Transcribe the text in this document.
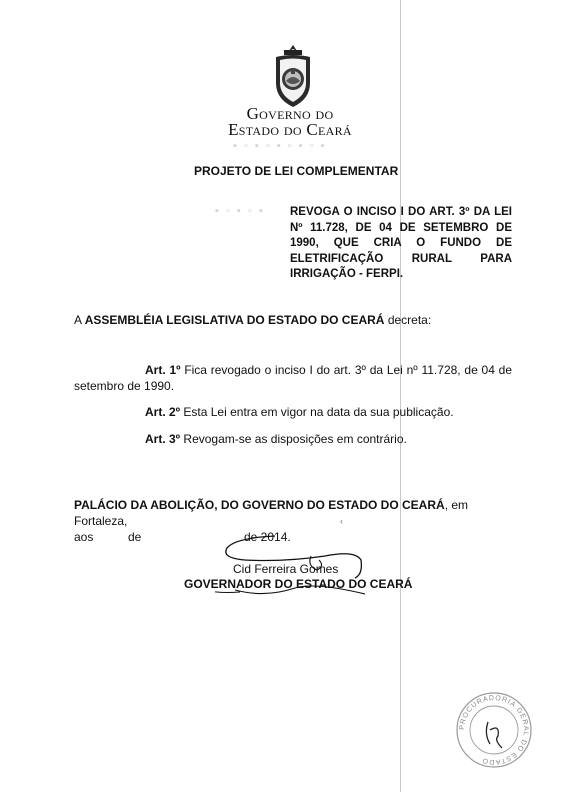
Governo do
Estado do Ceará
▪ ▫ ▪ ▫ ▪ ▫ ▪ ▫ ▪
▪ ▫ ▪ ▫ ▪
PROJETO DE LEI COMPLEMENTAR
REVOGA O INCISO I DO ART. 3º DA LEI Nº 11.728, DE 04 DE SETEMBRO DE 1990, QUE CRIA O FUNDO DE ELETRIFICAÇÃO RURAL PARA IRRIGAÇÃO - FERPI.
A ASSEMBLÉIA LEGISLATIVA DO ESTADO DO CEARÁ decreta:
Art. 1º Fica revogado o inciso I do art. 3º da Lei nº 11.728, de 04 de setembro de 1990.
Art. 2º Esta Lei entra em vigor na data da sua publicação.
Art. 3º Revogam-se as disposições em contrário.
PALÁCIO DA ABOLIÇÃO, DO GOVERNO DO ESTADO DO CEARÁ, em Fortaleza,
aos	de	de 2014.
‹
Cid Ferreira Gomes
GOVERNADOR DO ESTADO DO CEARÁ
PROCURADORIA GERAL DO ESTADO
